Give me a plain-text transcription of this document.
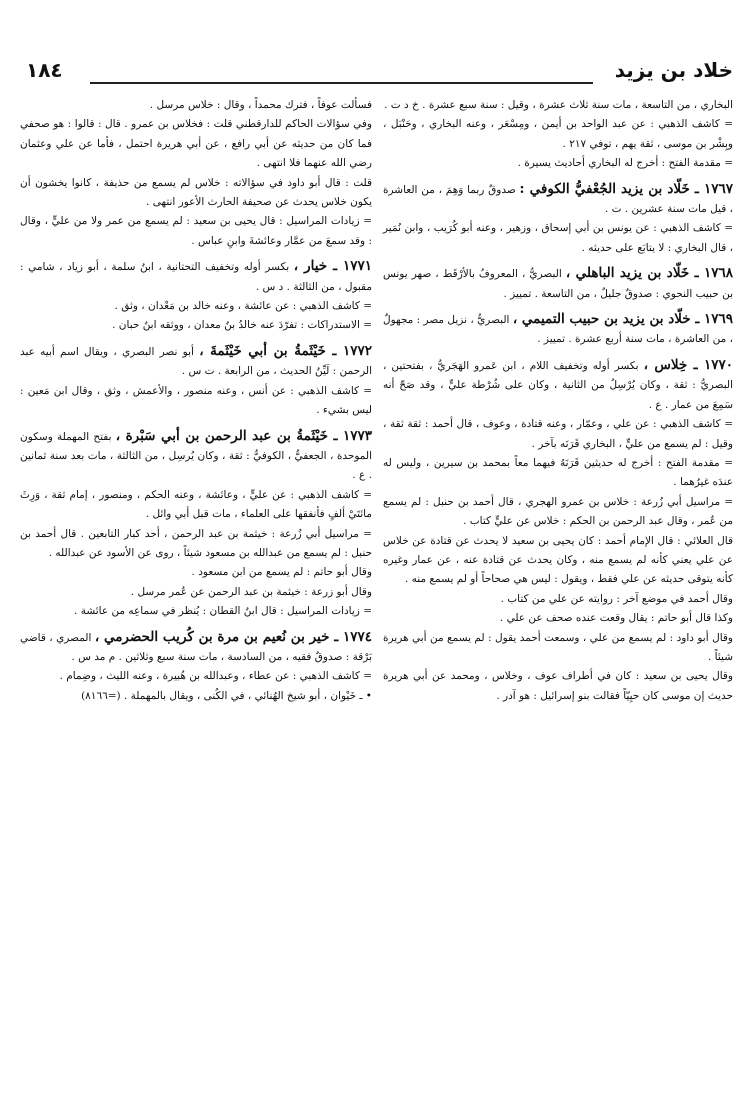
خلاد بن يزيد
١٨٤

البخاري ، من التاسعة ، مات سنة ثلاث عشرة ، وقيل : سنة سبع عشرة . خ د ت .

= كاشف الذهبي : عن عبد الواحد بن أيمن ، ومِسْعَر ، وعنه البخاري ، وحَنْبَل ، وبِشْر بن موسى ، ثقة يهم ، توفي ٢١٧ .

= مقدمة الفتح : أخرج له البخاري أحاديث يسيرة .

١٧٦٧ ـ خَلّاد بن يزيد الجُعْفيُّ الكوفي : صدوقٌ ربما وَهِمَ ، من العاشرة ، قيل مات سنة عشرين . ت .

= كاشف الذهبي : عن يونس بن أبي إسحاق ، وزهير ، وعنه أبو كُرَيب ، وابن نُمَير ، قال البخاري : لا يتابَع على حديثه .

١٧٦٨ ـ خَلّاد بن يزيد الباهلي ، البصريُّ ، المعروفُ بالأرْقَط ، صهر يونس بن حبيب النحوي : صدوقٌ جليلٌ ، من التاسعة . تمييز .

١٧٦٩ ـ خلّاد بن يزيد بن حبيب التميمي ، البصريُّ ، نزيل مصر : مجهولٌ ، من العاشرة ، مات سنة أربع عشرة . تمييز .

١٧٧٠ ـ خِلاس ، بكسر أوله وتخفيف اللام ، ابن عَمرو الهَجَريُّ ، بفتحتين ، البصريُّ : ثقة ، وكان يُرْسِلُ من الثانية ، وكان على شُرْطة عليٍّ ، وقد صَحّ أنه سَمِعَ من عمار . ع .

= كاشف الذهبي : عن علي ، وعمّار ، وعنه قتادة ، وعوف ، قال أحمد : ثقة ثقة ، وقيل : لم يسمع من عليٍّ ، البخاري قَرَنَه بآخر .

= مقدمة الفتح : أخرج له حديثين قَرَنَهُ فيهما معاً بمحمد بن سيرين ، وليس له عندَه غيرُهما .

= مراسيل أبي زُرعة : خلاس بن عمرو الهجري ، قال أحمد بن حنبل : لم يسمع من عُمر ، وقال عبد الرحمن بن الحكم : خلاس عن عليٍّ كتاب .

قال العلائي : قال الإمام أحمد : كان يحيى بن سعيد لا يحدث عن قتادة عن خلاس عن علي يعني كأنه لم يسمع منه ، وكان يحدث عن قتادة عنه ، عن عمار وغيره كأنه يتوقى حديثه عن علي فقط ، ويقول : ليس هي صحاحاً أو لم يسمع منه .

وقال أحمد في موضع آخر : روايته عن علي من كتاب .

وكذا قال أبو حاتم : يقال وقعت عنده صحف عن علي .

وقال أبو داود : لم يسمع من علي ، وسمعت أحمد يقول : لم يسمع من أبي هريرة شيئاً .

وقال يحيى بن سعيد : كان في أطراف عوف ، وخلاس ، ومحمد عن أبي هريرة حديث إن موسى كان حيِيّاً فقالت بنو إسرائيل : هو آدر .

فسألت عوفاً ، فترك محمداً ، وقال : خلاس مرسل .

وفي سؤالات الحاكم للدارقطني قلت : فخلاس بن عمرو . قال : قالوا : هو صحفي فما كان من حديثه عن أبي رافع ، عن أبي هريرة احتمل ، فأما عن علي وعثمان رضي الله عنهما فلا انتهى .

قلت : قال أبو داود في سؤالاته : خلاس لم يسمع من حذيفة ، كانوا يخشون أن يكون خلاس يحدث عن صحيفة الحارث الأعور انتهى .

= زيادات المراسيل : قال يحيى بن سعيد : لم يسمع من عمر ولا من عليٍّ ، وقال : وقد سمعَ من عمَّار وعائشةَ وابنِ عباس .

١٧٧١ ـ خيار ، بكسر أوله وتخفيف التحتانية ، ابنُ سلمة ، أبو زياد ، شامي : مقبول ، من الثالثة . د س .

= كاشف الذهبي : عن عائشة ، وعنه خالد بن مَعْدان ، وثق .

= الاستدراكات : تفرّدَ عنه خالدُ بنُ معدان ، ووثقه ابنُ حبان .

١٧٧٢ ـ خَيْثَمةُ بن أبي خَيْثَمةَ ، أبو نصر البصري ، ويقال اسم أبيه عبد الرحمن : لَيِّنُ الحديث ، من الرابعة . ت س .

= كاشف الذهبي : عن أنس ، وعنه منصور ، والأعمش ، وثق ، وقال ابن مَعين : ليس بشيء .

١٧٧٣ ـ خَيْثَمةُ بن عبد الرحمن بن أبي سَبْرة ، بفتح المهملة وسكون الموحدة ، الجعفيُّ ، الكوفيُّ : ثقة ، وكان يُرسِل ، من الثالثة ، مات بعد سنة ثمانين . ع .

= كاشف الذهبي : عن عليٍّ ، وعائشة ، وعنه الحكم ، ومنصور ، إمام ثقة ، وَرِثَ مائتَيْ ألفٍ فأنفقها على العلماء ، مات قبل أبي وائل .

= مراسيل أبي زُرعة : خيثمة بن عبد الرحمن ، أحد كبار التابعين . قال أحمد بن حنبل : لم يسمع من عبدالله بن مسعود شيئاً ، روى عن الأسود عن عبدالله .

وقال أبو حاتم : لم يسمع من ابن مسعود .

وقال أبو زرعة : خيثمة بن عبد الرحمن عن عُمر مرسل .

= زيادات المراسيل : قال ابنُ القطان : يُنظر في سماعِه من عائشة .

١٧٧٤ ـ خير بن نُعيم بن مرة بن كُريب الحضرمي ، المصري ، قاضي بَرْقة : صدوقٌ فقيه ، من السادسة ، مات سنة سبع وثلاثين . م مد س .

= كاشف الذهبي : عن عطاء ، وعبدالله بن هُبيرة ، وعنه الليث ، وضِمام .

• ـ خَيْوان ، أبو شيخ الهُنائي ، في الكُنى ، ويقال بالمهملة . (=٨١٦٦)
